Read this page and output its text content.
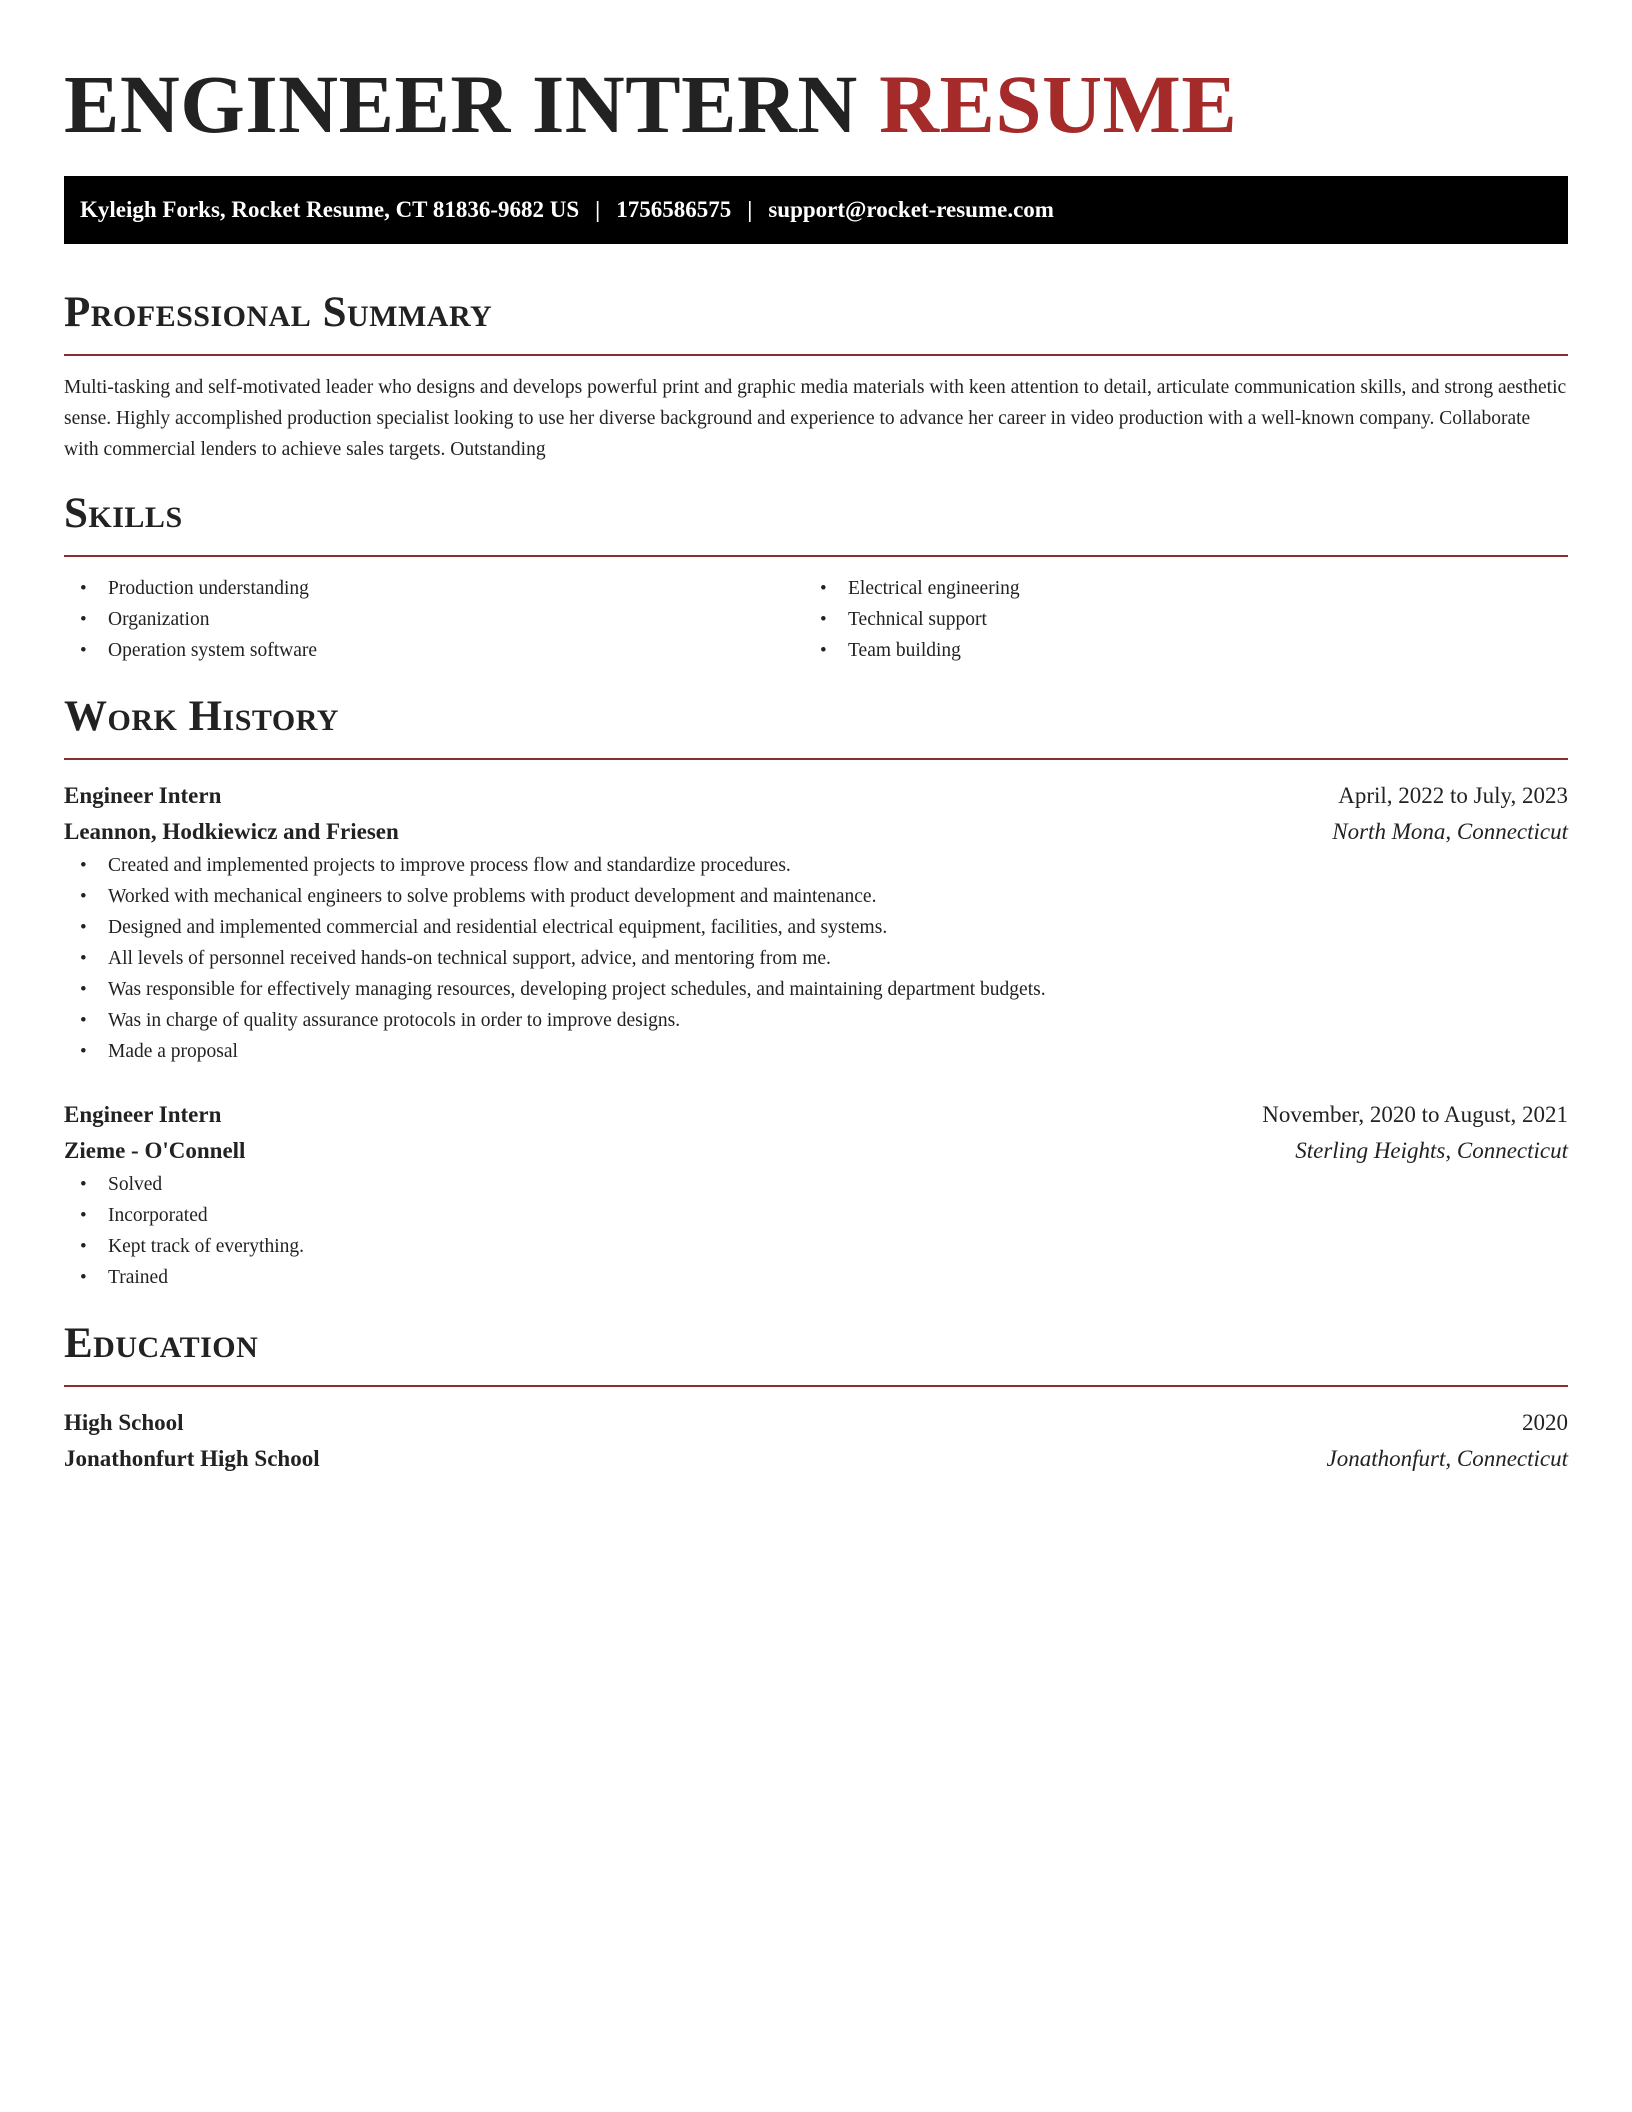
ENGINEER INTERN RESUME
Kyleigh Forks, Rocket Resume, CT 81836-9682 US | 1756586575 | support@rocket-resume.com
Professional Summary

Multi-tasking and self-motivated leader who designs and develops powerful print and graphic media materials with keen attention to detail, articulate communication skills, and strong aesthetic sense. Highly accomplished production specialist looking to use her diverse background and experience to advance her career in video production with a well-known company. Collaborate with commercial lenders to achieve sales targets. Outstanding

Skills
• Production understanding
• Organization
• Operation system software
• Electrical engineering
• Technical support
• Team building
Work History
Engineer Intern	April, 2022 to July, 2023
Leannon, Hodkiewicz and Friesen	North Mona, Connecticut
• Created and implemented projects to improve process flow and standardize procedures.
• Worked with mechanical engineers to solve problems with product development and maintenance.
• Designed and implemented commercial and residential electrical equipment, facilities, and systems.
• All levels of personnel received hands-on technical support, advice, and mentoring from me.
• Was responsible for effectively managing resources, developing project schedules, and maintaining department budgets.
• Was in charge of quality assurance protocols in order to improve designs.
• Made a proposal
Engineer Intern	November, 2020 to August, 2021
Zieme - O'Connell	Sterling Heights, Connecticut
• Solved
• Incorporated
• Kept track of everything.
• Trained
Education
High School	2020
Jonathonfurt High School	Jonathonfurt, Connecticut
